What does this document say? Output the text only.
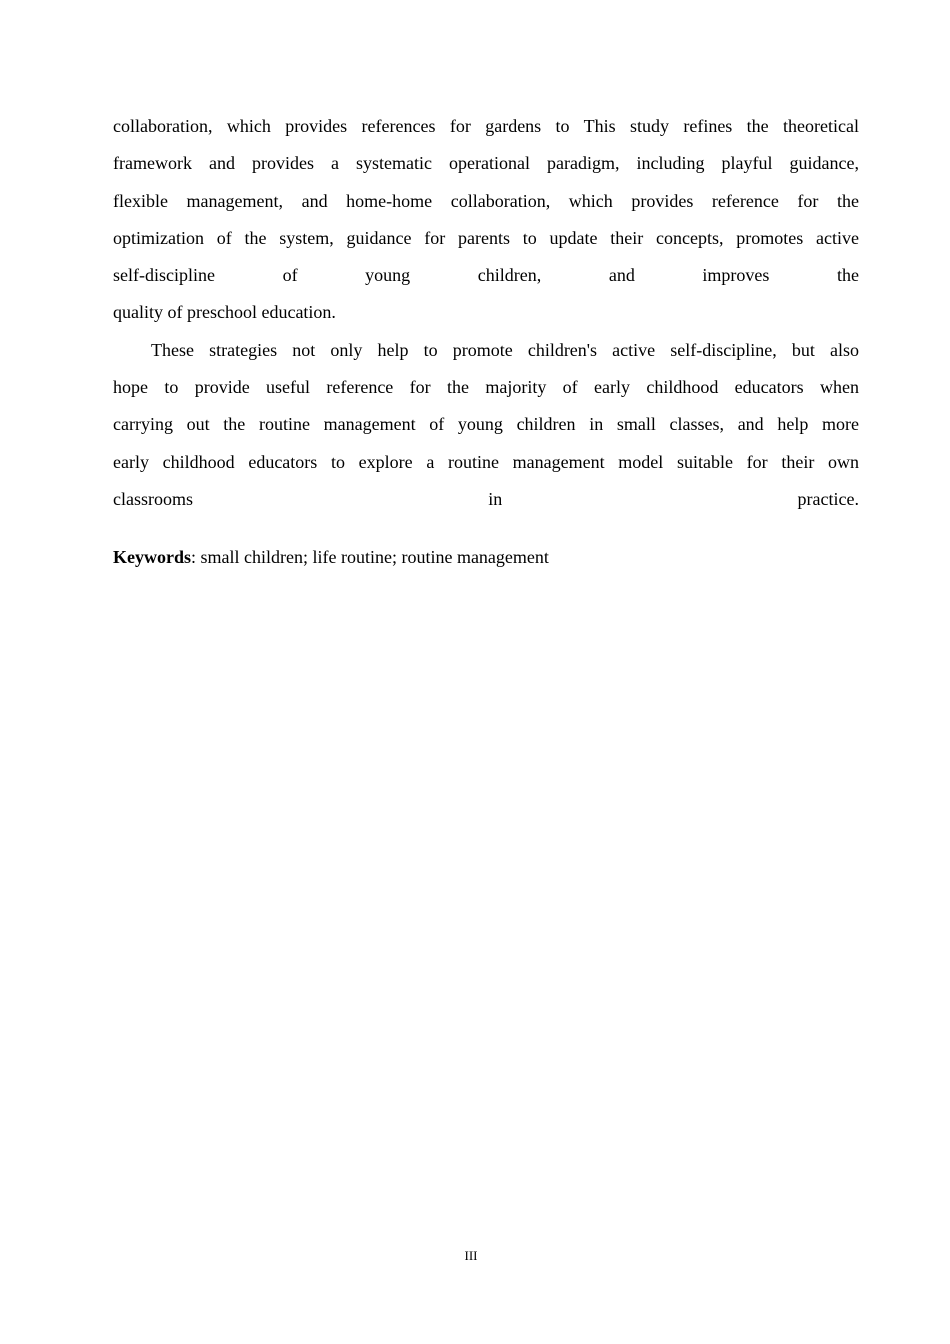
collaboration, which provides references for gardens to This study refines the theoretical
framework and provides a systematic operational paradigm, including playful guidance,
flexible management, and home-home collaboration, which provides reference for the
optimization of the system, guidance for parents to update their concepts, promotes active
self-discipline of young children, and improves the
quality of preschool education.
These strategies not only help to promote children's active self-discipline, but also
hope to provide useful reference for the majority of early childhood educators when
carrying out the routine management of young children in small classes, and help more
early childhood educators to explore a routine management model suitable for their own
classrooms in practice.
Keywords: small children; life routine; routine management
III
